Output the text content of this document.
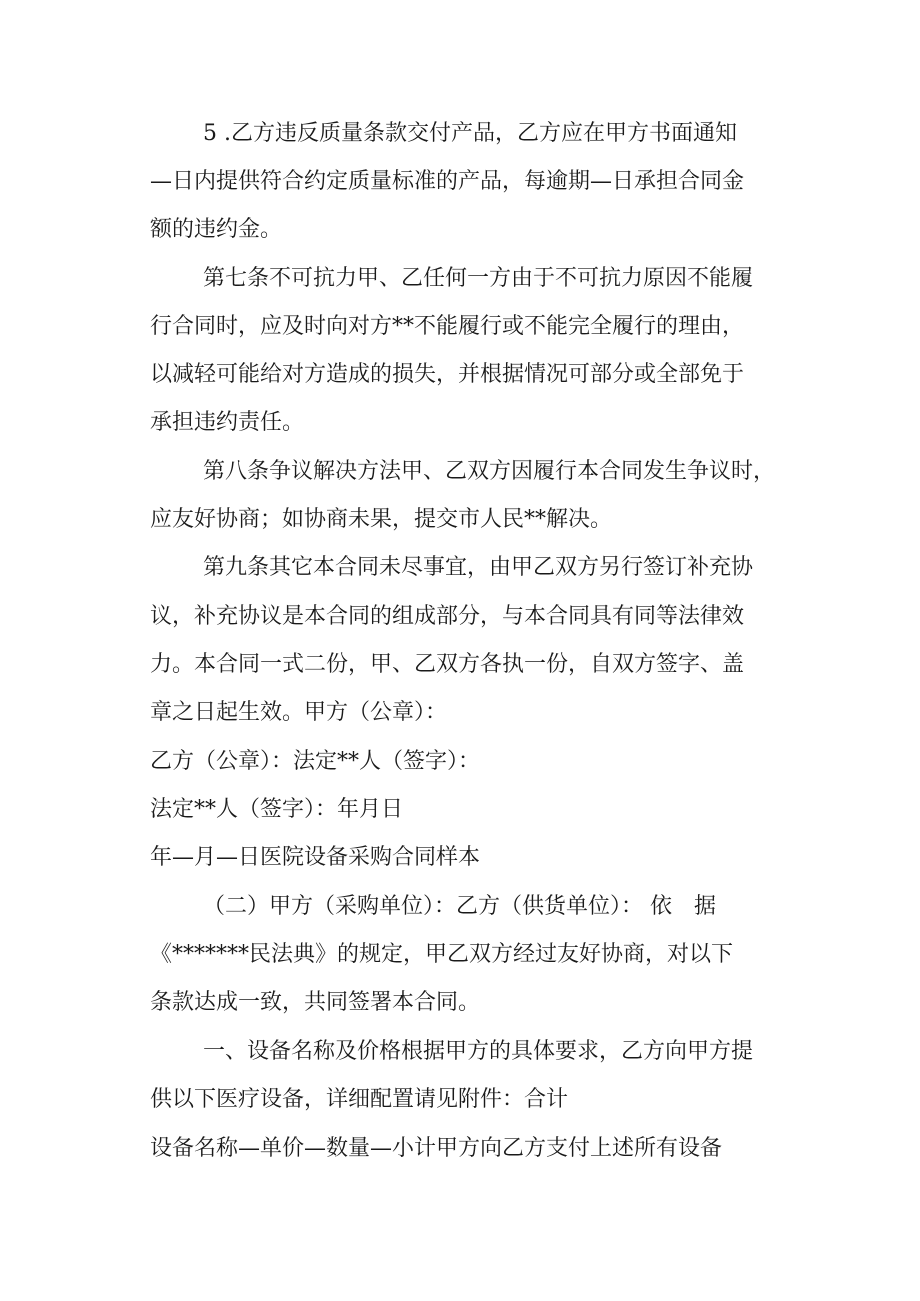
5 .乙方违反质量条款交付产品，乙方应在甲方书面通知
—日内提供符合约定质量标准的产品，每逾期—日承担合同金
额的违约金。
第七条不可抗力甲、乙任何一方由于不可抗力原因不能履
行合同时，应及时向对方**不能履行或不能完全履行的理由，
以减轻可能给对方造成的损失，并根据情况可部分或全部免于
承担违约责任。
第八条争议解决方法甲、乙双方因履行本合同发生争议时，
应友好协商；如协商未果，提交市人民**解决。
第九条其它本合同未尽事宜，由甲乙双方另行签订补充协
议，补充协议是本合同的组成部分，与本合同具有同等法律效
力。本合同一式二份，甲、乙双方各执一份，自双方签字、盖
章之日起生效。甲方（公章）：
乙方（公章）：法定**人（签字）：
法定**人（签字）：年月日
年—月—日医院设备采购合同样本
（二）甲方（采购单位）：乙方（供货单位）： 依　据
《*******民法典》的规定，甲乙双方经过友好协商，对以下
条款达成一致，共同签署本合同。
一、设备名称及价格根据甲方的具体要求，乙方向甲方提
供以下医疗设备，详细配置请见附件：合计
设备名称—单价—数量—小计甲方向乙方支付上述所有设备
